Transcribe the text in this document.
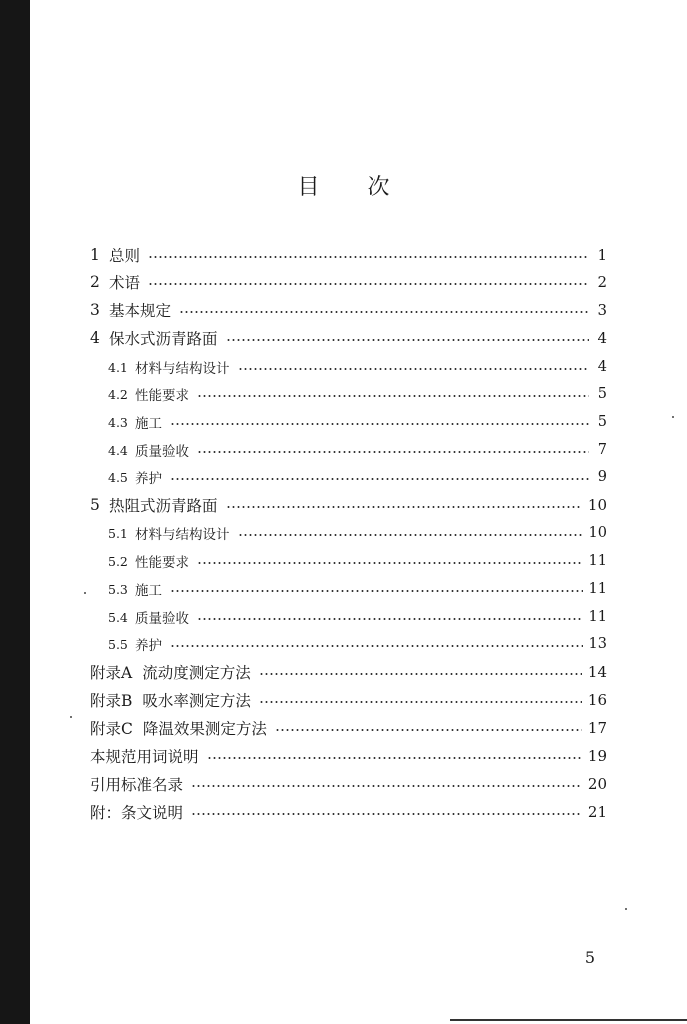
目 次
1 总则	1
2 术语	2
3 基本规定	3
4 保水式沥青路面	4
4.1 材料与结构设计	4
4.2 性能要求	5
4.3 施工	5
4.4 质量验收	7
4.5 养护	9
5 热阻式沥青路面	10
5.1 材料与结构设计	10
5.2 性能要求	11
5.3 施工	11
5.4 质量验收	11
5.5 养护	13
附录A 流动度测定方法	14
附录B 吸水率测定方法	16
附录C 降温效果测定方法	17
本规范用词说明	19
引用标准名录	20
附：条文说明	21
5
